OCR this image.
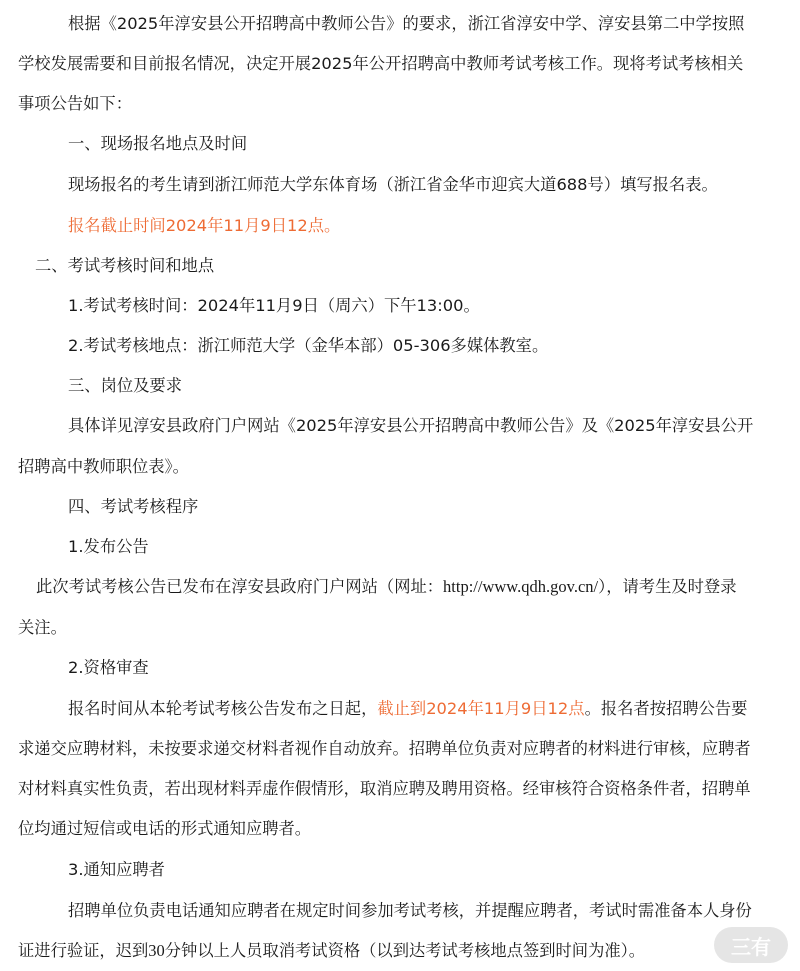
根据《2025年淳安县公开招聘高中教师公告》的要求，浙江省淳安中学、淳安县第二中学按照
学校发展需要和目前报名情况，决定开展2025年公开招聘高中教师考试考核工作。现将考试考核相关
事项公告如下：
一、现场报名地点及时间
现场报名的考生请到浙江师范大学东体育场（浙江省金华市迎宾大道688号）填写报名表。
报名截止时间2024年11月9日12点。
二、考试考核时间和地点
1.考试考核时间：2024年11月9日（周六）下午13:00。
2.考试考核地点：浙江师范大学（金华本部）05-306多媒体教室。
三、岗位及要求
具体详见淳安县政府门户网站《2025年淳安县公开招聘高中教师公告》及《2025年淳安县公开
招聘高中教师职位表》。
四、考试考核程序
1.发布公告
此次考试考核公告已发布在淳安县政府门户网站（网址：http://www.qdh.gov.cn/），请考生及时登录
关注。
2.资格审查
报名时间从本轮考试考核公告发布之日起，截止到2024年11月9日12点。报名者按招聘公告要
求递交应聘材料，未按要求递交材料者视作自动放弃。招聘单位负责对应聘者的材料进行审核，应聘者
对材料真实性负责，若出现材料弄虚作假情形，取消应聘及聘用资格。经审核符合资格条件者，招聘单
位均通过短信或电话的形式通知应聘者。
3.通知应聘者
招聘单位负责电话通知应聘者在规定时间参加考试考核，并提醒应聘者，考试时需准备本人身份
证进行验证，迟到30分钟以上人员取消考试资格（以到达考试考核地点签到时间为准）。	三有
